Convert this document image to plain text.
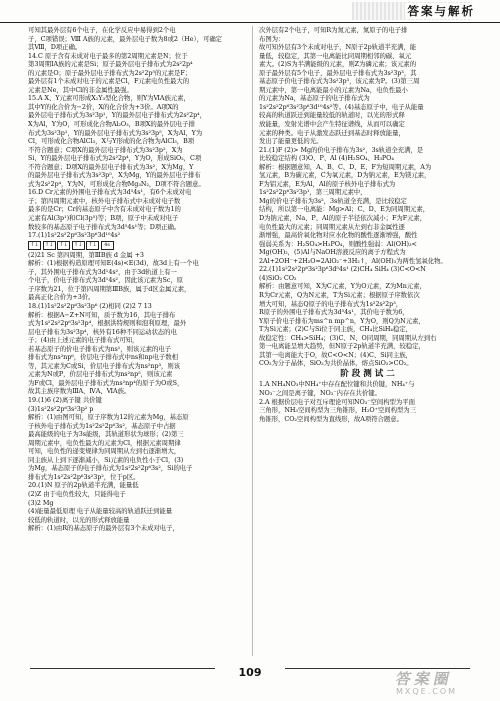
答案与解析

可知其最外层有6个电子，在化学反应中易得到2个电

子，C项错误；Ⅷ A族的元素，最外层电子数为8或2（He），可确定

其Ⅷ，D项正确。

14.C 原子含有未成对电子最多的第2周期元素是N；位于

第3周期ⅠA族的元素是Si；原子最外层电子排布式为2s²2p⁴

的元素是O；原子最外层电子排布式为2s²2p⁵的元素是F；

最外层有1个未成对电子的元素是Cl，F元素电负性最大的

元素是Ne，其中Cl的非金属性最强。

15.A X、Y元素可形成X₂Y₃型化合物，则Y为ⅥA族元素，

其中Y的化合价为−2价，X的化合价为+3价。A项X的

最外层电子排布式为3s²3p¹，Y的最外层电子排布式为2s²2p⁴，

X为Al，Y为O，可形成化合物Al₂O₃，B项X的最外层电子排

布式为3s²3p¹，Y的最外层电子排布式为3s²3p⁵，X为Al，Y为

Cl，可形成化合物AlCl₃，X与Y形成的化合物为AlCl₃，B项

不符合题意；C项X的最外层电子排布式为3s²3p²，X为

Si，Y的最外层电子排布式为2s²2p⁴，Y为O，形成SiO₂，C项

不符合题意；D项X的最外层电子排布式为3s²，X为Mg，Y

的最外层电子排布式为3s²3p⁵，X为Mg，Y的最外层电子排布

式为2s²2p⁴，Y为N，可形成化合物Mg₃N₂，D项不符合题意。

16.D Cr元素的外围电子排布式为3d⁵4s¹，有6个未成对电

子；第四周期元素中，核外电子排布式中未成对电子数

最多的是Cr；Cr的基态原子中含有未成对电子数为1的

元素有Al(3p¹)和Cl(3p⁵)等；B项，原子中未成对电子

数较多的基态原子电子排布式为3d⁵4s¹等；D项正确。

17.(1)1s²2s²2p⁶3s²3p⁶3d¹⁰4s²

↑↓	↑↓	↑↓	↑↓	↑↓	4s

(2)21 Sc 第四周期，第ⅢB族 d 金属 +3

解析：(1)根据构造原理可知E(4s)<E(3d)，故3d上有一个电

子，其外围电子排布式为3d¹4s²，由于3d轨道上有一

个电子，价电子排布式为3d¹4s²，因此该元素为Sc，原

子序数为21，位于第四周期第ⅢB族，属于d区金属元素，

最高正化合价为+3价。

18.(1)1s²2s²2p⁶3s²3p⁶ (2)相同 (2)2 7 13

解析：根据A−Z+N可知，质子数为16，其电子排布

式为1s²2s²2p⁶3s²3p⁴，根据洪特规则和泡利原理，最外

层电子排布为3s²3p⁴，核外有16种不同运动状态的电

子；(4)由上述元素的电子排布式可知，

若基态原子的价电子排布式为ns¹，则该元素的电子

排布式为ns²np⁶，价层电子排布式中ns和np电子数相

等，其元素为C或Si，价层电子排布式为ns²np³，则该

元素为N或P，价层电子排布式为ns²np⁵，则该元素

为F或Cl，最外层电子排布式为ns²np⁴的原子为O或S，

故其主族序数为ⅢA、ⅣA、ⅥA族。

19.(1)6 (2)离子键 共价键

(3)1s²2s²2p⁶3s²3p² p

解析：(1)由图可知，原子序数为12的元素为Mg，基态原

子核外电子排布式为1s²2s²2p⁶3s²，基态原子中占据

最高能级的电子为3s能级，其轨道形状为球形；(2)第三

周期元素中，电负性最大的元素为Cl，根据元素周期律

可知，电负性的递变规律为同周期从左到右逐渐增大，

同主族从上到下逐渐减小，Si元素的电负性小于Cl，(3)

为Mg，基态原子的电子排布式为1s²2s²2p⁶3s²，Si的电子

排布式为1s²2s²2p⁶3s²3p²，位于p区。

20.(1)N 原子的2p轨道半充满，能量低

(2)Z 由于电负性较大，只能得电子

(3)2 Mg

(4)能量最低原理 电子从能量较高的轨道跃迁到能量

较低的轨道时，以光的形式释放能量

解析：(1)由R的基态原子的最外层有3个未成对电子，

次外层有2个电子，可知R为氮元素，氮原子的电子排

布图为：

故可知外层有3个未成对电子，N原子2p轨道半充满，能

量低，较稳定，其第一电离能比同周期相邻的碳、氧元

素大。(2)S为半满能级的元素，则Z为磷元素；该元素的

原子最外层有5个电子，最外层电子排布式为3s²3p³，其

基态原子价电子排布式为3s²3p³，该元素为P。(3)第三周

期元素中，第一电离能最小的元素为Na，电负性最小

的元素为Na，基态原子的电子排布式为

1s²2s²2p⁶3s²3p⁶3d¹⁰4s²等。(4)基态原子中，电子从能量

较高的轨道跃迁到能量较低的轨道时，以光的形式释

放能量，发射光谱中会产生特征谱线，从而可以确定

元素的种类。电子从激发态跃迁到基态时释放能量，

发出了能量更低的光。

21.(1)F (2)> Mg的价电子排布为3s²，3s轨道全充满，是

比较稳定结构 (3)O、P、Al (4)H₂SO₄、H₃PO₄

解析：根据题意知，A、B、C、D、E、F为短周期元素，A为

氢元素，B为碳元素，C为氧元素，D为钠元素，E为镁元素，

F为铝元素，E为Al，Al的原子核外电子排布式为

1s²2s²2p⁶3s²3p¹，第三周期元素中，

Mg的价电子排布为3s²，3s轨道全充满，是比较稳定

结构，所以第一电离能：Mg>Al；C、D、E为同周期元素，

D为钠元素，Na、P、Al的原子半径依次减小；F为F元素，

电负性最大的元素；同周期元素从左到右非金属性逐

渐增强，最高价氧化物对应水化物的酸性逐渐增强，酸性

强弱关系为：H₂SO₄>H₃PO₄，则酸性强弱：Al(OH)₃<

Mg(OH)₂，(5)Al与NaOH溶液反应的离子方程式为

2Al+2OH⁻+2H₂O=2AlO₂⁻+3H₂↑，Al(OH)₃为两性氢氧化物。

22.(1)1s²2s²2p⁶3s²3p⁶3d⁵4s¹ (2)CH₄ SiH₄ (3)C<O<N

(4)SiO₂ CO₂

解析：由题意可知，X为C元素，Y为O元素，Z为Mn元素，

R为Cr元素，Q为N元素，T为Si元素；根据原子序数依次

增大可知，基态Q原子的电子排布式为1s²2s²2p³，

R原子的外围电子排布式为3d⁵4s¹，其价电子数为6，

Y原子价电子排布为ms^n mp^n，Y为O，则Q为N元素，

T为Si元素；(2)C与Si位于同主族，CH₄比SiH₄稳定，

故稳定性：CH₄>SiH₄；(3)C、N、O同周期，同周期从左到右

第一电离能呈增大趋势，但N原子2p轨道半充满，较稳定，

其第一电离能大于O，故C<O<N；(4)C、Si同主族，

CO₂为分子晶体，SiO₂为共价晶体，熔点SiO₂>CO₂。

阶段测试二

1.A NH₄NO₃中NH₄⁺中存在配位键和共价键，NH₄⁺与

NO₃⁻之间是离子键，NO₃⁻内存在共价键。

2.A 根据价层电子对互斥理论可知NO₃⁻空间构型为平面

三角形，NH₃空间构型为三角锥形，H₂O⁺空间构型为三

角锥形，CO₂空间构型为直线形，故A项符合题意。

109	答案圈
MXQE.COM
